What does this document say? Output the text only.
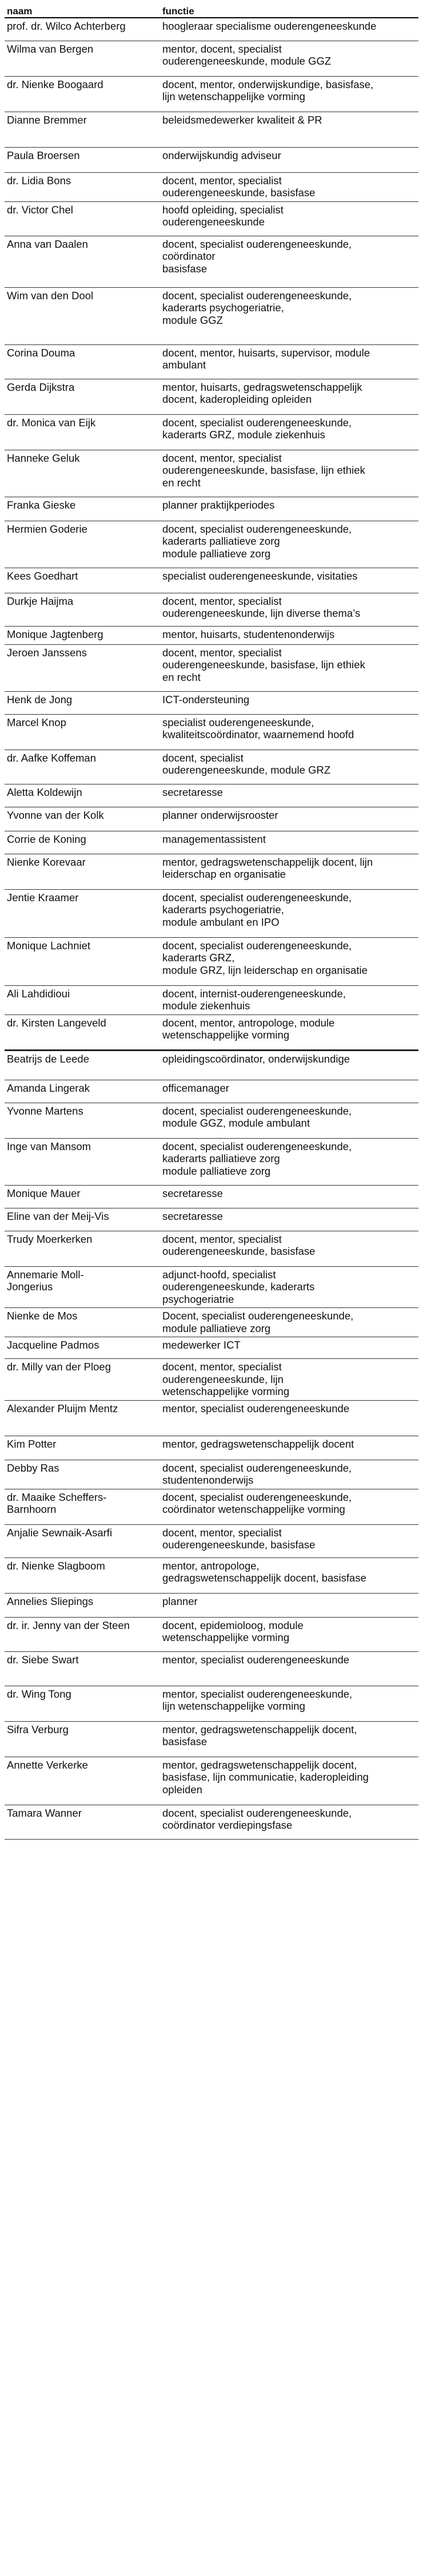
naam	functie
prof. dr. Wilco Achterberg	hoogleraar specialisme ouderengeneeskunde
Wilma van Bergen	mentor, docent, specialist
ouderengeneeskunde, module GGZ
dr. Nienke Boogaard	docent, mentor, onderwijskundige, basisfase,
lijn wetenschappelijke vorming
Dianne Bremmer	beleidsmedewerker kwaliteit & PR
Paula Broersen	onderwijskundig adviseur
dr. Lidia Bons	docent, mentor, specialist
ouderengeneeskunde, basisfase
dr. Victor Chel	hoofd opleiding, specialist
ouderengeneeskunde
Anna van Daalen	docent, specialist ouderengeneeskunde,
coördinator
basisfase
Wim van den Dool	docent, specialist ouderengeneeskunde,
kaderarts psychogeriatrie,
module GGZ
Corina Douma	docent, mentor, huisarts, supervisor, module
ambulant
Gerda Dijkstra	mentor, huisarts, gedragswetenschappelijk
docent, kaderopleiding opleiden
dr. Monica van Eijk	docent, specialist ouderengeneeskunde,
kaderarts GRZ, module ziekenhuis
Hanneke Geluk	docent, mentor, specialist
ouderengeneeskunde, basisfase, lijn ethiek
en recht
Franka Gieske	planner praktijkperiodes
Hermien Goderie	docent, specialist ouderengeneeskunde,
kaderarts palliatieve zorg
module palliatieve zorg
Kees Goedhart	specialist ouderengeneeskunde, visitaties
Durkje Haijma	docent, mentor, specialist
ouderengeneeskunde, lijn diverse thema’s
Monique Jagtenberg	mentor, huisarts, studentenonderwijs
Jeroen Janssens	docent, mentor, specialist
ouderengeneeskunde, basisfase, lijn ethiek
en recht
Henk de Jong	ICT-ondersteuning
Marcel Knop	specialist ouderengeneeskunde,
kwaliteitscoördinator, waarnemend hoofd
dr. Aafke Koffeman	docent, specialist
ouderengeneeskunde, module GRZ
Aletta Koldewijn	secretaresse
Yvonne van der Kolk	planner onderwijsrooster
Corrie de Koning	managementassistent
Nienke Korevaar	mentor, gedragswetenschappelijk docent, lijn
leiderschap en organisatie
Jentie Kraamer	docent, specialist ouderengeneeskunde,
kaderarts psychogeriatrie,
module ambulant en IPO
Monique Lachniet	docent, specialist ouderengeneeskunde,
kaderarts GRZ,
module GRZ, lijn leiderschap en organisatie
Ali Lahdidioui	docent, internist-ouderengeneeskunde,
module ziekenhuis
dr. Kirsten Langeveld	docent, mentor, antropologe, module
wetenschappelijke vorming
Beatrijs de Leede	opleidingscoördinator, onderwijskundige
Amanda Lingerak	officemanager
Yvonne Martens	docent, specialist ouderengeneeskunde,
module GGZ, module ambulant
Inge van Mansom	docent, specialist ouderengeneeskunde,
kaderarts palliatieve zorg
module palliatieve zorg
Monique Mauer	secretaresse
Eline van der Meij-Vis	secretaresse
Trudy Moerkerken	docent, mentor, specialist
ouderengeneeskunde, basisfase
Annemarie Moll-
Jongerius	adjunct-hoofd, specialist
ouderengeneeskunde, kaderarts
psychogeriatrie
Nienke de Mos	Docent, specialist ouderengeneeskunde,
module palliatieve zorg
Jacqueline Padmos	medewerker ICT
dr. Milly van der Ploeg	docent, mentor, specialist
ouderengeneeskunde, lijn
wetenschappelijke vorming
Alexander Pluijm Mentz	mentor, specialist ouderengeneeskunde
Kim Potter	mentor, gedragswetenschappelijk docent
Debby Ras	docent, specialist ouderengeneeskunde,
studentenonderwijs
dr. Maaike Scheffers-
Barnhoorn	docent, specialist ouderengeneeskunde,
coördinator wetenschappelijke vorming
Anjalie Sewnaik-Asarfi	docent, mentor, specialist
ouderengeneeskunde, basisfase
dr. Nienke Slagboom	mentor, antropologe,
gedragswetenschappelijk docent, basisfase
Annelies Sliepings	planner
dr. ir. Jenny van der Steen	docent, epidemioloog, module
wetenschappelijke vorming
dr. Siebe Swart	mentor, specialist ouderengeneeskunde
dr. Wing Tong	mentor, specialist ouderengeneeskunde,
lijn wetenschappelijke vorming
Sifra Verburg	mentor, gedragswetenschappelijk docent,
basisfase
Annette Verkerke	mentor, gedragswetenschappelijk docent,
basisfase, lijn communicatie, kaderopleiding
opleiden
Tamara Wanner	docent, specialist ouderengeneeskunde,
coördinator verdiepingsfase
